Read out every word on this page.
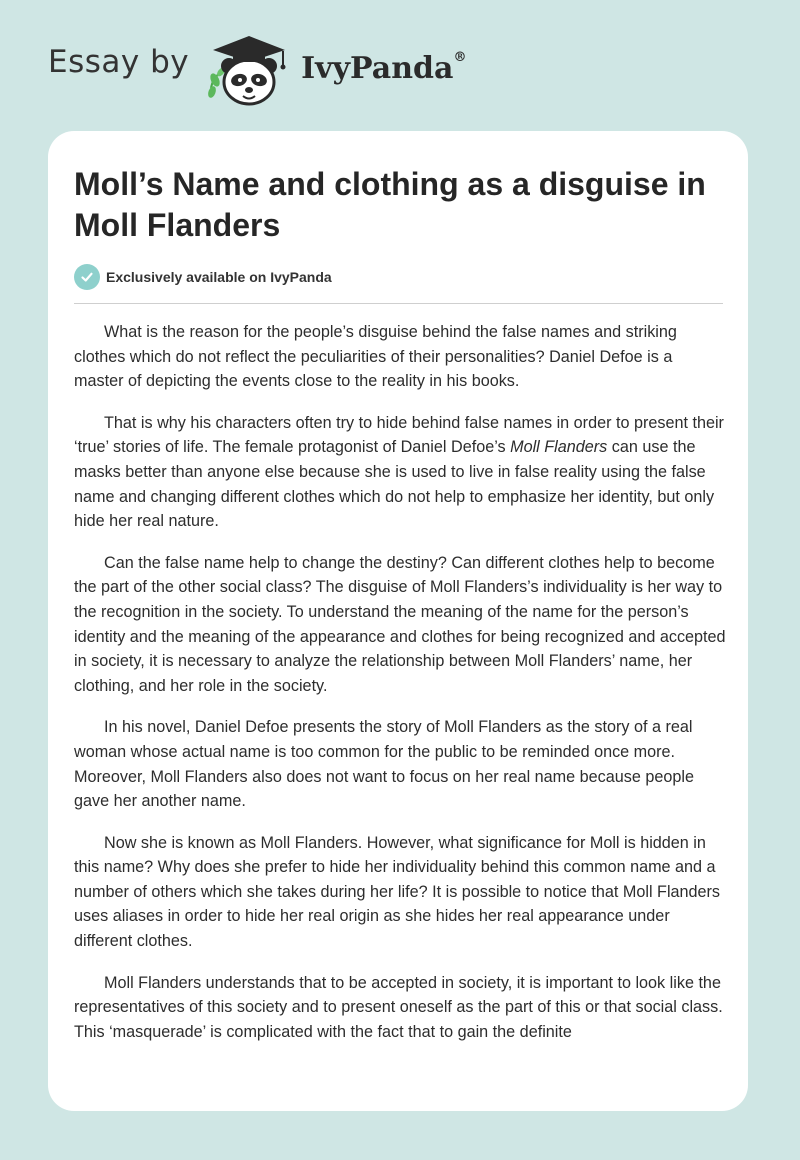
Essay by	IvyPanda®
Moll’s Name and clothing as a disguise in Moll Flanders
Exclusively available on IvyPanda

What is the reason for the people’s disguise behind the false names and striking clothes which do not reflect the peculiarities of their personalities? Daniel Defoe is a master of depicting the events close to the reality in his books.

That is why his characters often try to hide behind false names in order to present their ‘true’ stories of life. The female protagonist of Daniel Defoe’s Moll Flanders can use the masks better than anyone else because she is used to live in false reality using the false name and changing different clothes which do not help to emphasize her identity, but only hide her real nature.

Can the false name help to change the destiny? Can different clothes help to become the part of the other social class? The disguise of Moll Flanders’s individuality is her way to the recognition in the society. To understand the meaning of the name for the person’s identity and the meaning of the appearance and clothes for being recognized and accepted in society, it is necessary to analyze the relationship between Moll Flanders’ name, her clothing, and her role in the society.

In his novel, Daniel Defoe presents the story of Moll Flanders as the story of a real woman whose actual name is too common for the public to be reminded once more. Moreover, Moll Flanders also does not want to focus on her real name because people gave her another name.

Now she is known as Moll Flanders. However, what significance for Moll is hidden in this name? Why does she prefer to hide her individuality behind this common name and a number of others which she takes during her life? It is possible to notice that Moll Flanders uses aliases in order to hide her real origin as she hides her real appearance under different clothes.

Moll Flanders understands that to be accepted in society, it is important to look like the representatives of this society and to present oneself as the part of this or that social class. This ‘masquerade’ is complicated with the fact that to gain the definite
